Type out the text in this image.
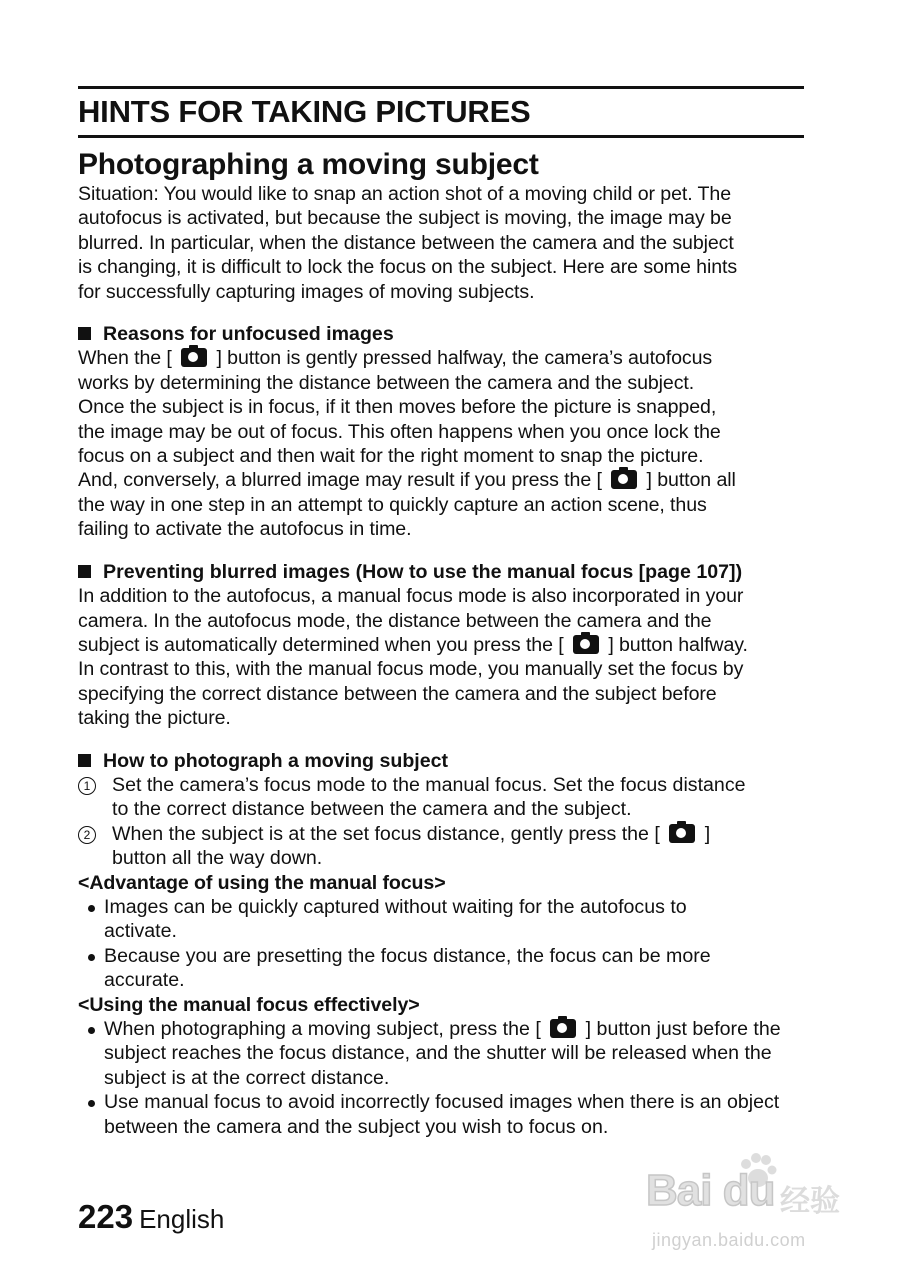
HINTS FOR TAKING PICTURES
Photographing a moving subject

Situation: You would like to snap an action shot of a moving child or pet. The

autofocus is activated, but because the subject is moving, the image may be

blurred. In particular, when the distance between the camera and the subject

is changing, it is difficult to lock the focus on the subject. Here are some hints

for successfully capturing images of moving subjects.

Reasons for unfocused images

When the [ ] button is gently pressed halfway, the camera’s autofocus

works by determining the distance between the camera and the subject.

Once the subject is in focus, if it then moves before the picture is snapped,

the image may be out of focus. This often happens when you once lock the

focus on a subject and then wait for the right moment to snap the picture.

And, conversely, a blurred image may result if you press the [ ] button all

the way in one step in an attempt to quickly capture an action scene, thus

failing to activate the autofocus in time.

Preventing blurred images (How to use the manual focus [page 107])

In addition to the autofocus, a manual focus mode is also incorporated in your

camera. In the autofocus mode, the distance between the camera and the

subject is automatically determined when you press the [ ] button halfway.

In contrast to this, with the manual focus mode, you manually set the focus by

specifying the correct distance between the camera and the subject before

taking the picture.

How to photograph a moving subject
1 Set the camera’s focus mode to the manual focus. Set the focus distance
to the correct distance between the camera and the subject.
2 When the subject is at the set focus distance, gently press the [ ]
button all the way down.

<Advantage of using the manual focus>

Images can be quickly captured without waiting for the autofocus to activate.
Because you are presetting the focus distance, the focus can be more accurate.

<Using the manual focus effectively>

When photographing a moving subject, press the [ ] button just before the subject reaches the focus distance, and the shutter will be released when the subject is at the correct distance.
Use manual focus to avoid incorrectly focused images when there is an object between the camera and the subject you wish to focus on.
223 English
Bai du 经验
jingyan.baidu.com
